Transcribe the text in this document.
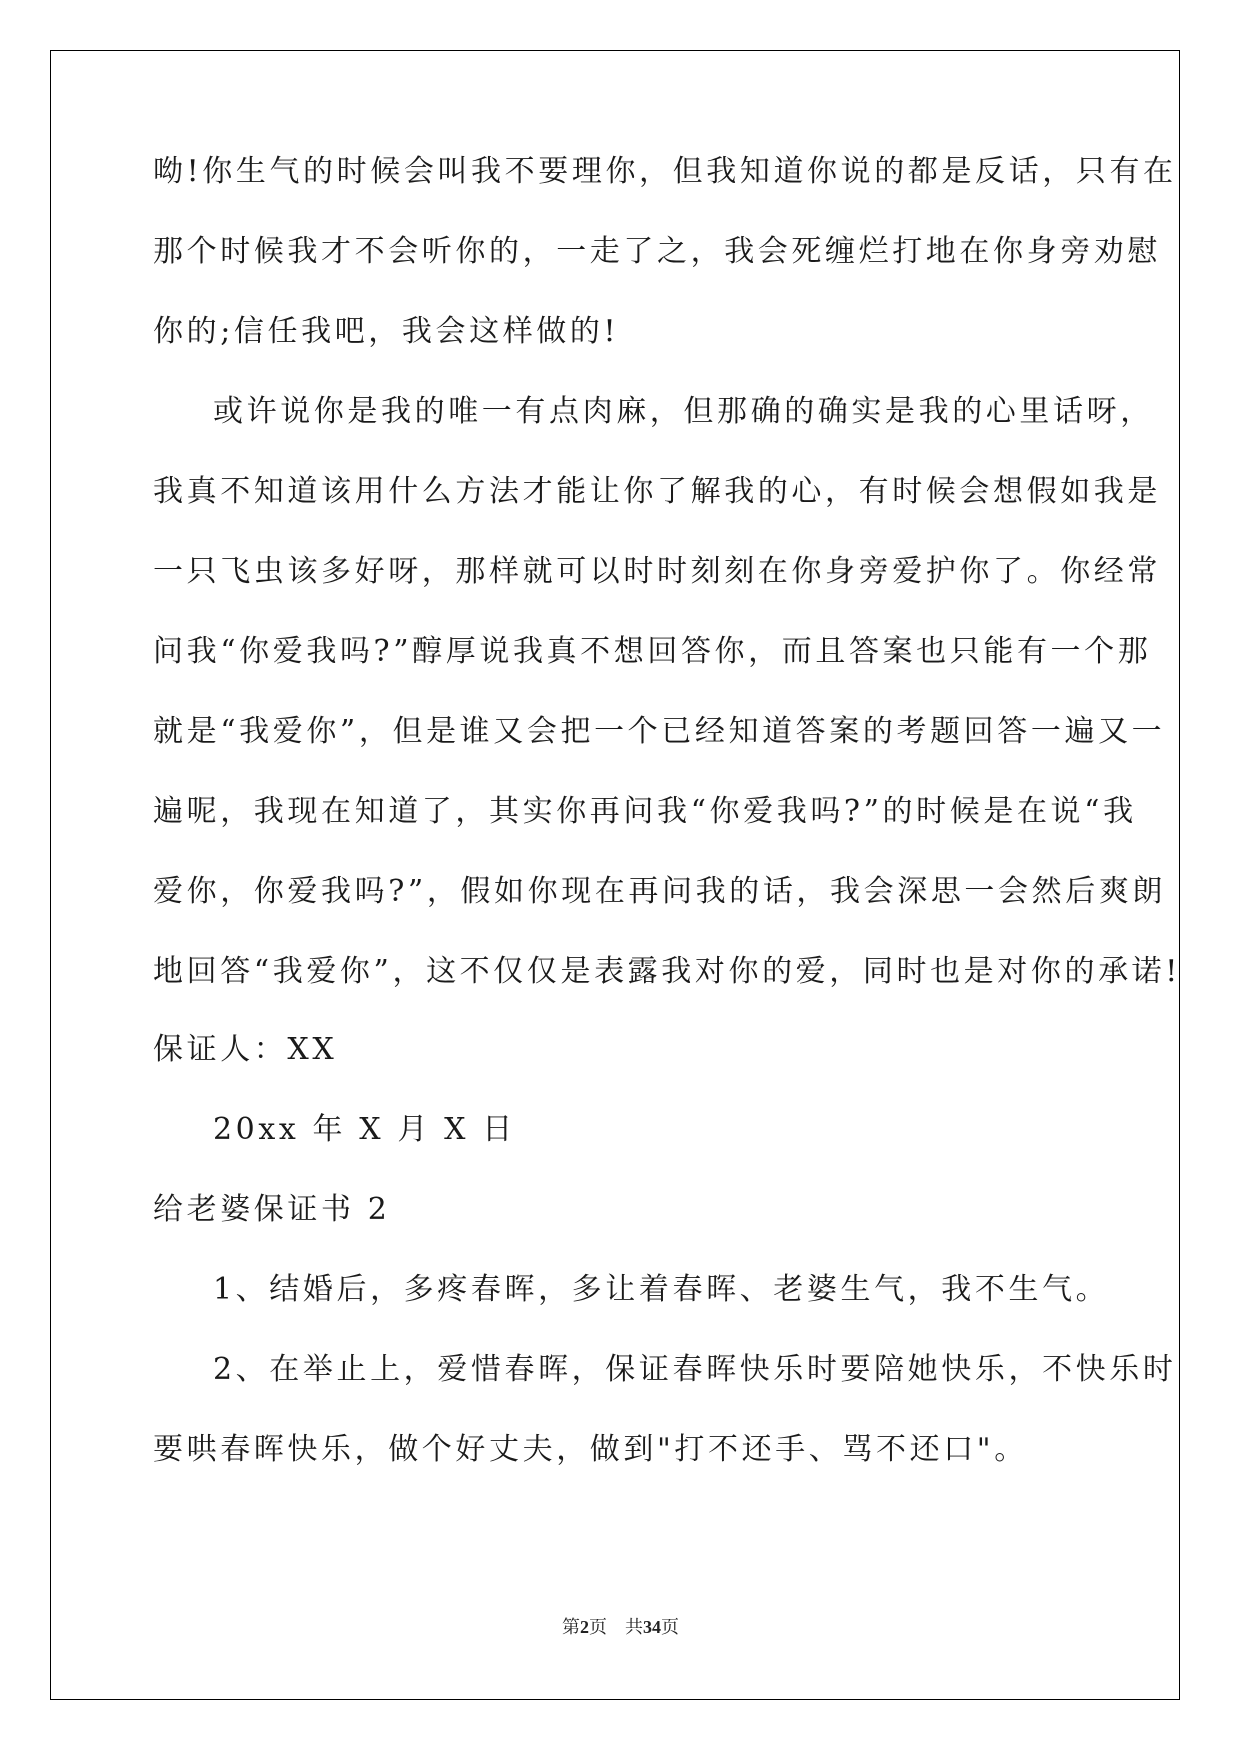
呦!你生气的时候会叫我不要理你，但我知道你说的都是反话，只有在
那个时候我才不会听你的，一走了之，我会死缠烂打地在你身旁劝慰
你的;信任我吧，我会这样做的!
或许说你是我的唯一有点肉麻，但那确的确实是我的心里话呀，
我真不知道该用什么方法才能让你了解我的心，有时候会想假如我是
一只飞虫该多好呀，那样就可以时时刻刻在你身旁爱护你了。你经常
问我“你爱我吗?”醇厚说我真不想回答你，而且答案也只能有一个那
就是“我爱你”，但是谁又会把一个已经知道答案的考题回答一遍又一
遍呢，我现在知道了，其实你再问我“你爱我吗?”的时候是在说“我
爱你，你爱我吗?”，假如你现在再问我的话，我会深思一会然后爽朗
地回答“我爱你”，这不仅仅是表露我对你的爱，同时也是对你的承诺!
保证人：XX
20xx 年 X 月 X 日
给老婆保证书 2
1、结婚后，多疼春晖，多让着春晖、老婆生气，我不生气。
2、在举止上，爱惜春晖，保证春晖快乐时要陪她快乐，不快乐时
要哄春晖快乐，做个好丈夫，做到"打不还手、骂不还口"。
第2页 共34页
